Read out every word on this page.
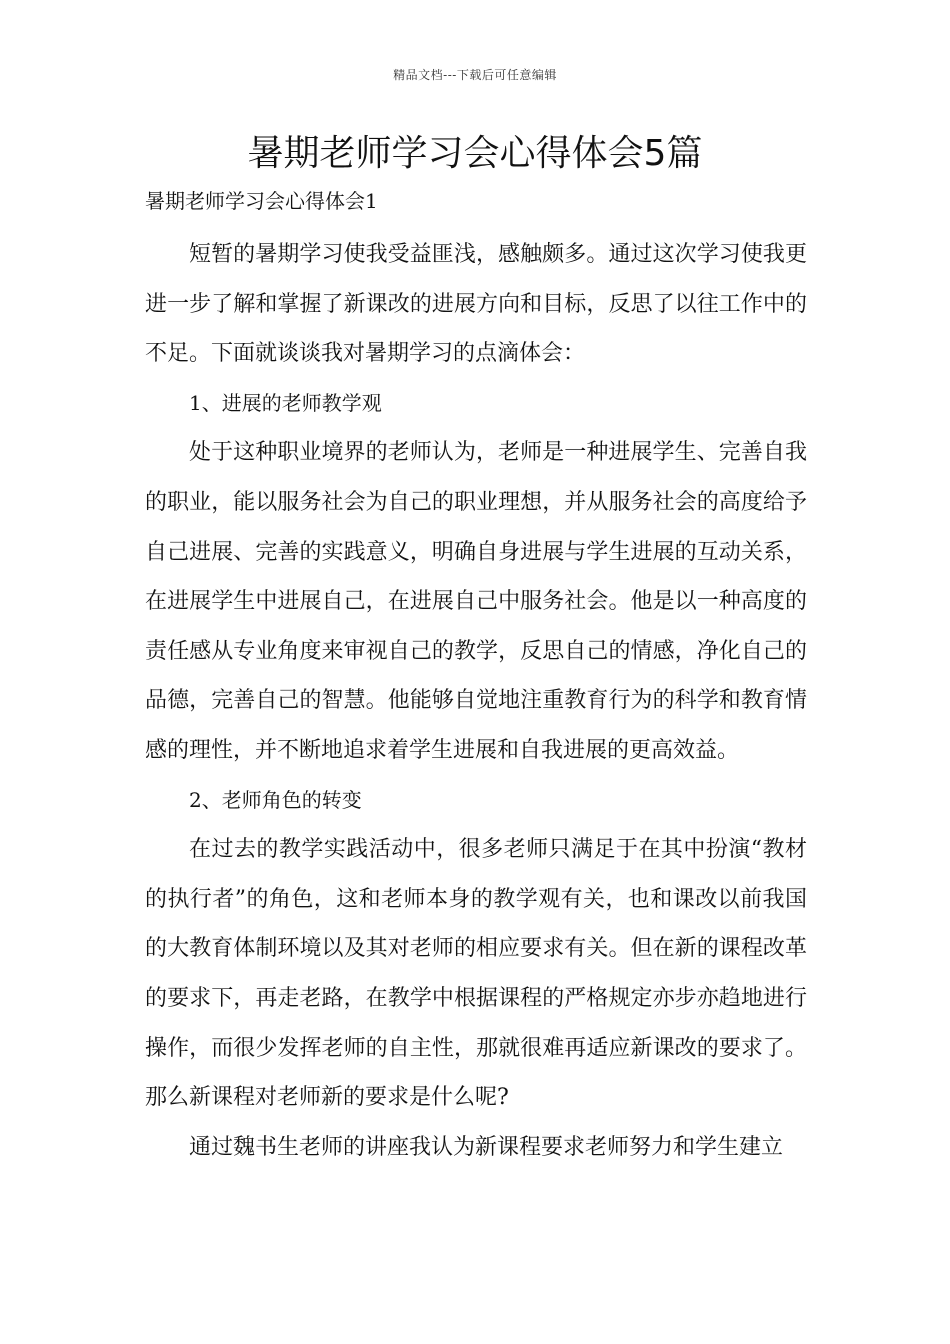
精品文档---下载后可任意编辑
暑期老师学习会心得体会5篇
暑期老师学习会心得体会1

短暂的暑期学习使我受益匪浅，感触颇多。通过这次学习使我更进一步了解和掌握了新课改的进展方向和目标，反思了以往工作中的不足。下面就谈谈我对暑期学习的点滴体会：

1、进展的老师教学观

处于这种职业境界的老师认为，老师是一种进展学生、完善自我的职业，能以服务社会为自己的职业理想，并从服务社会的高度给予自己进展、完善的实践意义，明确自身进展与学生进展的互动关系，在进展学生中进展自己，在进展自己中服务社会。他是以一种高度的责任感从专业角度来审视自己的教学，反思自己的情感，净化自己的品德，完善自己的智慧。他能够自觉地注重教育行为的科学和教育情感的理性，并不断地追求着学生进展和自我进展的更高效益。

2、老师角色的转变

在过去的教学实践活动中，很多老师只满足于在其中扮演“教材的执行者”的角色，这和老师本身的教学观有关，也和课改以前我国的大教育体制环境以及其对老师的相应要求有关。但在新的课程改革的要求下，再走老路，在教学中根据课程的严格规定亦步亦趋地进行操作，而很少发挥老师的自主性，那就很难再适应新课改的要求了。那么新课程对老师新的要求是什么呢?

通过魏书生老师的讲座我认为新课程要求老师努力和学生建立
